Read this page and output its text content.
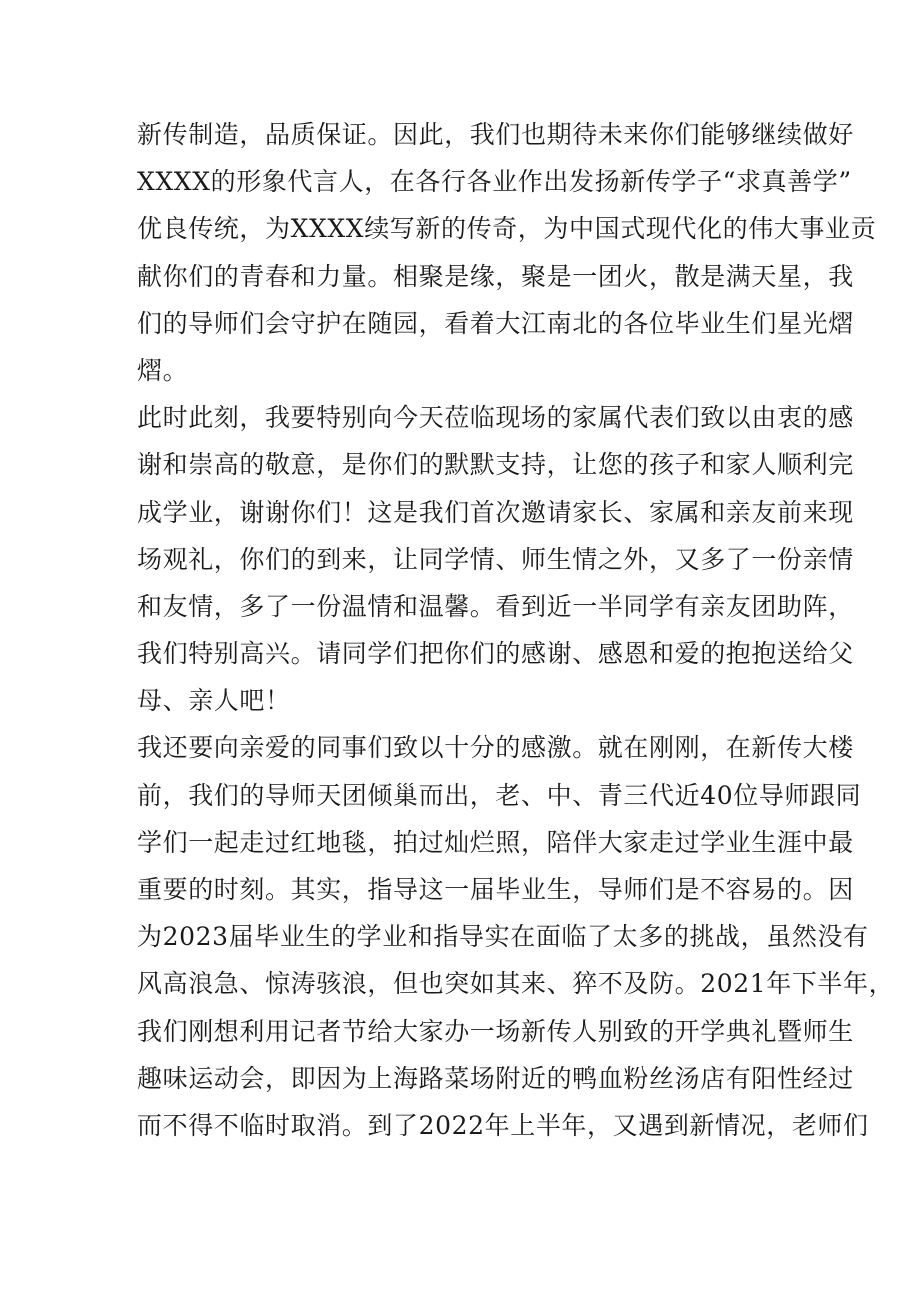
新传制造，品质保证。因此，我们也期待未来你们能够继续做好
XXXX的形象代言人，在各行各业作出发扬新传学子“求真善学”
优良传统，为XXXX续写新的传奇，为中国式现代化的伟大事业贡
献你们的青春和力量。相聚是缘，聚是一团火，散是满天星，我
们的导师们会守护在随园，看着大江南北的各位毕业生们星光熠
熠。
此时此刻，我要特别向今天莅临现场的家属代表们致以由衷的感
谢和崇高的敬意，是你们的默默支持，让您的孩子和家人顺利完
成学业，谢谢你们！这是我们首次邀请家长、家属和亲友前来现
场观礼，你们的到来，让同学情、师生情之外，又多了一份亲情
和友情，多了一份温情和温馨。看到近一半同学有亲友团助阵，
我们特别高兴。请同学们把你们的感谢、感恩和爱的抱抱送给父
母、亲人吧！
我还要向亲爱的同事们致以十分的感激。就在刚刚，在新传大楼
前，我们的导师天团倾巢而出，老、中、青三代近40位导师跟同
学们一起走过红地毯，拍过灿烂照，陪伴大家走过学业生涯中最
重要的时刻。其实，指导这一届毕业生，导师们是不容易的。因
为2023届毕业生的学业和指导实在面临了太多的挑战，虽然没有
风高浪急、惊涛骇浪，但也突如其来、猝不及防。2021年下半年，
我们刚想利用记者节给大家办一场新传人别致的开学典礼暨师生
趣味运动会，即因为上海路菜场附近的鸭血粉丝汤店有阳性经过
而不得不临时取消。到了2022年上半年，又遇到新情况，老师们
